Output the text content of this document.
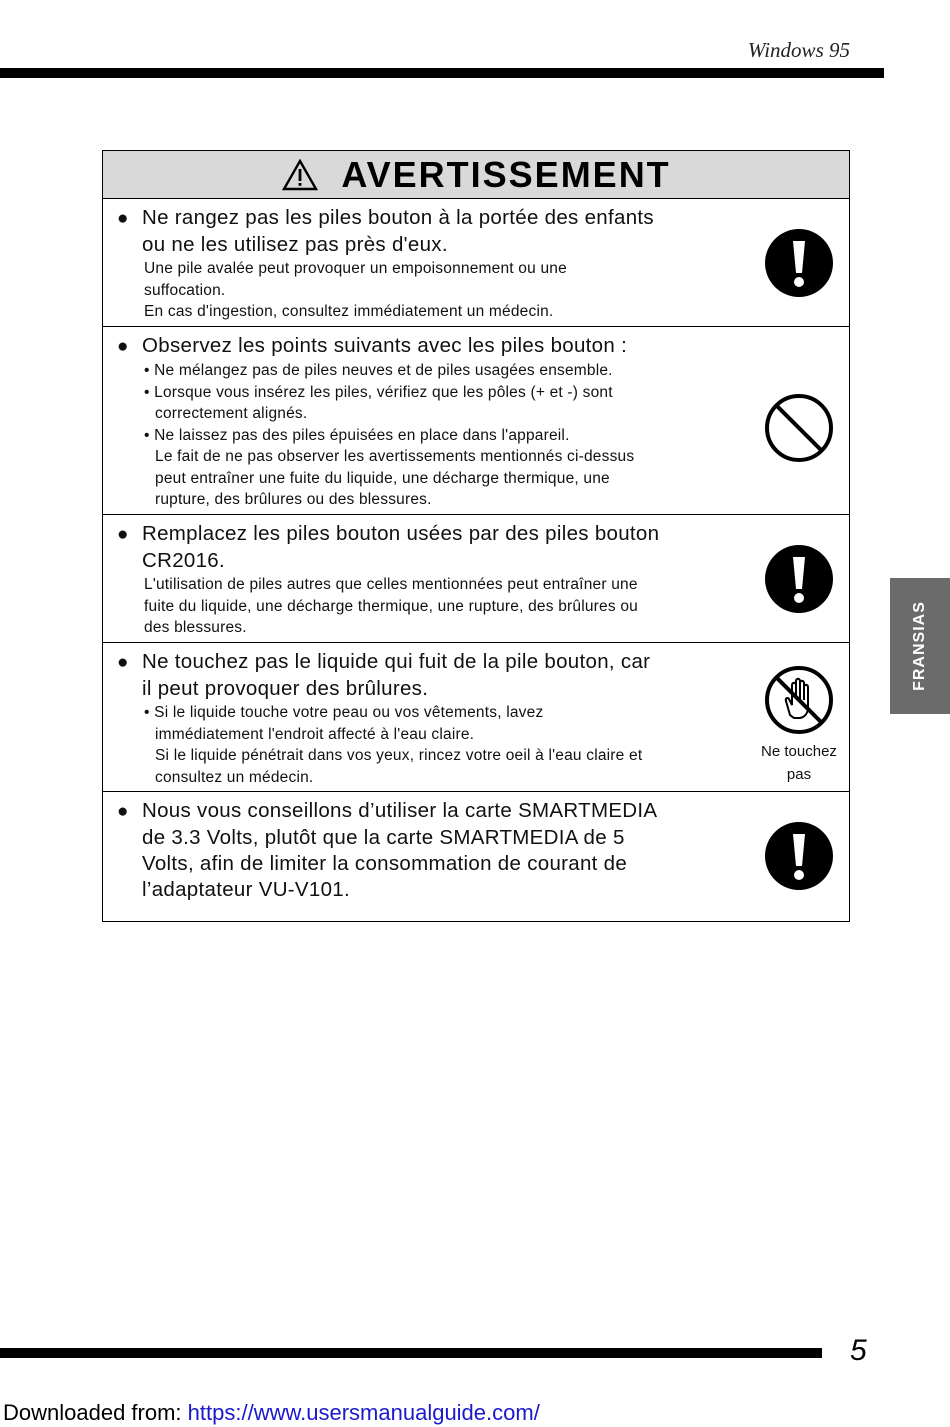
Windows 95
AVERTISSEMENT
● Ne rangez pas les piles bouton à la portée des enfants
ou ne les utilisez pas près d'eux.
Une pile avalée peut provoquer un empoisonnement ou une
suffocation.
En cas d'ingestion, consultez immédiatement un médecin.
● Observez les points suivants avec les piles bouton :
• Ne mélangez pas de piles neuves et de piles usagées ensemble.
• Lorsque vous insérez les piles, vérifiez que les pôles (+ et -) sont
correctement alignés.
• Ne laissez pas des piles épuisées en place dans l'appareil.
Le fait de ne pas observer les avertissements mentionnés ci-dessus
peut entraîner une fuite du liquide, une décharge thermique, une
rupture, des brûlures ou des blessures.
● Remplacez les piles bouton usées par des piles bouton
CR2016.
L'utilisation de piles autres que celles mentionnées peut entraîner une
fuite du liquide, une décharge thermique, une rupture, des brûlures ou
des blessures.
● Ne touchez pas le liquide qui fuit de la pile bouton, car
il peut provoquer des brûlures.
• Si le liquide touche votre peau ou vos vêtements, lavez
immédiatement l'endroit affecté à l'eau claire.
Si le liquide pénétrait dans vos yeux, rincez votre oeil à l'eau claire et
consultez un médecin.
Ne touchez
pas
● Nous vous conseillons d’utiliser la carte SMARTMEDIA
de 3.3 Volts, plutôt que la carte SMARTMEDIA de 5
Volts, afin de limiter la consommation de courant de
l’adaptateur VU-V101.
FRANSIAS
5
Downloaded from: https://www.usersmanualguide.com/
